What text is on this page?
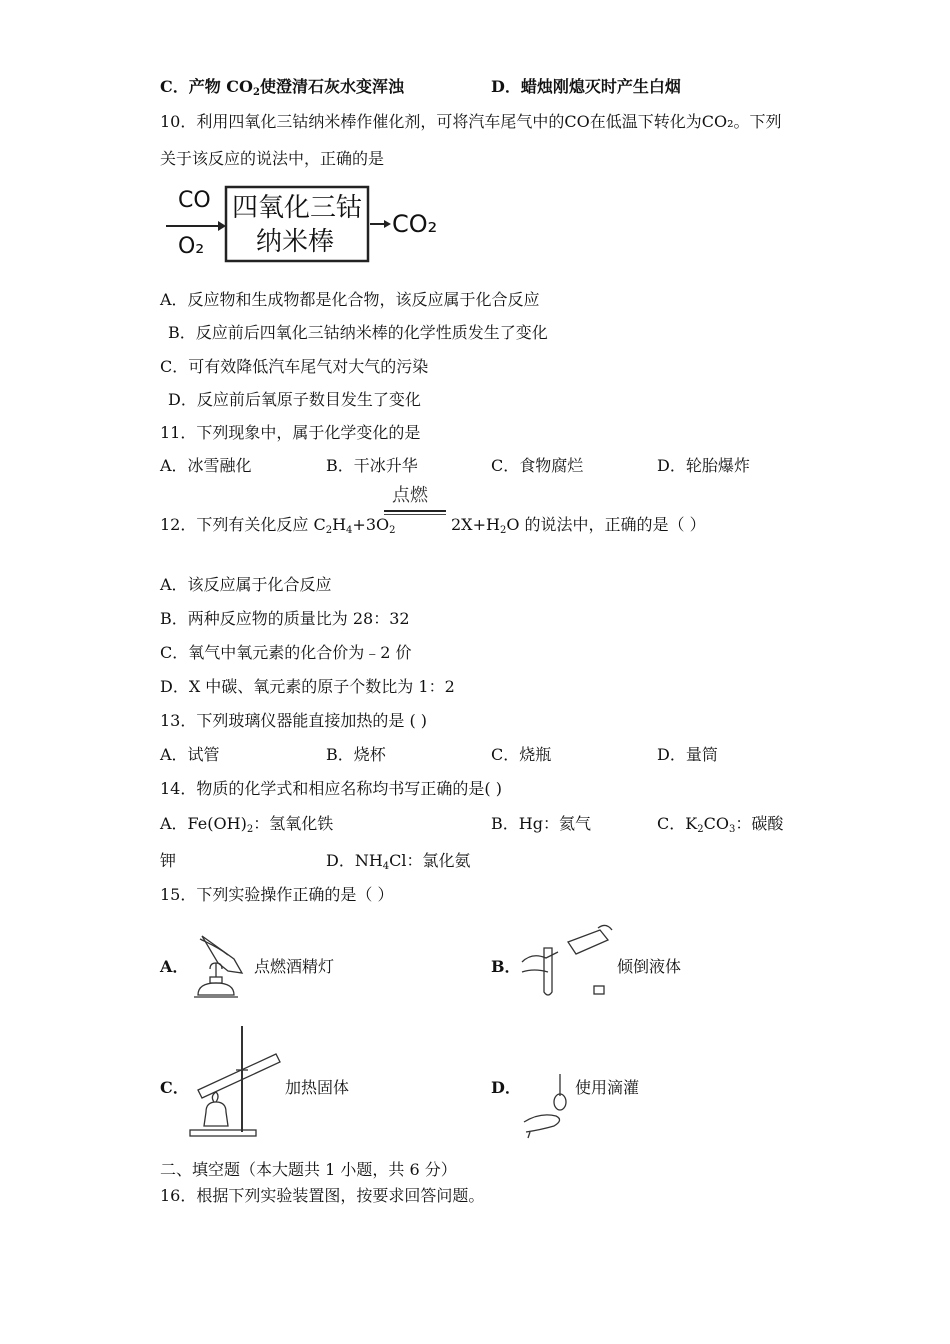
C．产物 $CO_2$使澄清石灰水变浑浊	D．蜡烛刚熄灭时产生白烟
10．利用四氧化三钴纳米棒作催化剂，可将汽车尾气中的CO在低温下转化为CO₂。下列
关于该反应的说法中，正确的是
CO
O₂
四氧化三钴
纳米棒
CO₂
A．反应物和生成物都是化合物，该反应属于化合反应
B．反应前后四氧化三钴纳米棒的化学性质发生了变化
C．可有效降低汽车尾气对大气的污染
D．反应前后氧原子数目发生了变化
11．下列现象中，属于化学变化的是
A．冰雪融化	B．干冰升华	C．食物腐烂	D．轮胎爆炸
12．下列有关化反应 $C_2H_4+3O_2$
点燃
$2X+H_2O$ 的说法中，正确的是（ ）
A．该反应属于化合反应
B．两种反应物的质量比为 28：32
C．氧气中氧元素的化合价为﹣2 价
D．X 中碳、氧元素的原子个数比为 1：2
13．下列玻璃仪器能直接加热的是 ( )
A．试管	B．烧杯	C．烧瓶	D．量筒
14．物质的化学式和相应名称均书写正确的是( )
A．$Fe(OH)_2$：氢氧化铁	B．Hg：氦气	C．$K_2CO_3$：碳酸
钾	D．$NH_4Cl$：氯化氨
15．下列实验操作正确的是（ ）
A．	点燃酒精灯	B．	倾倒液体
C．	加热固体	D．	使用滴灌
二、填空题（本大题共 1 小题，共 6 分）
16．根据下列实验装置图，按要求回答问题。
